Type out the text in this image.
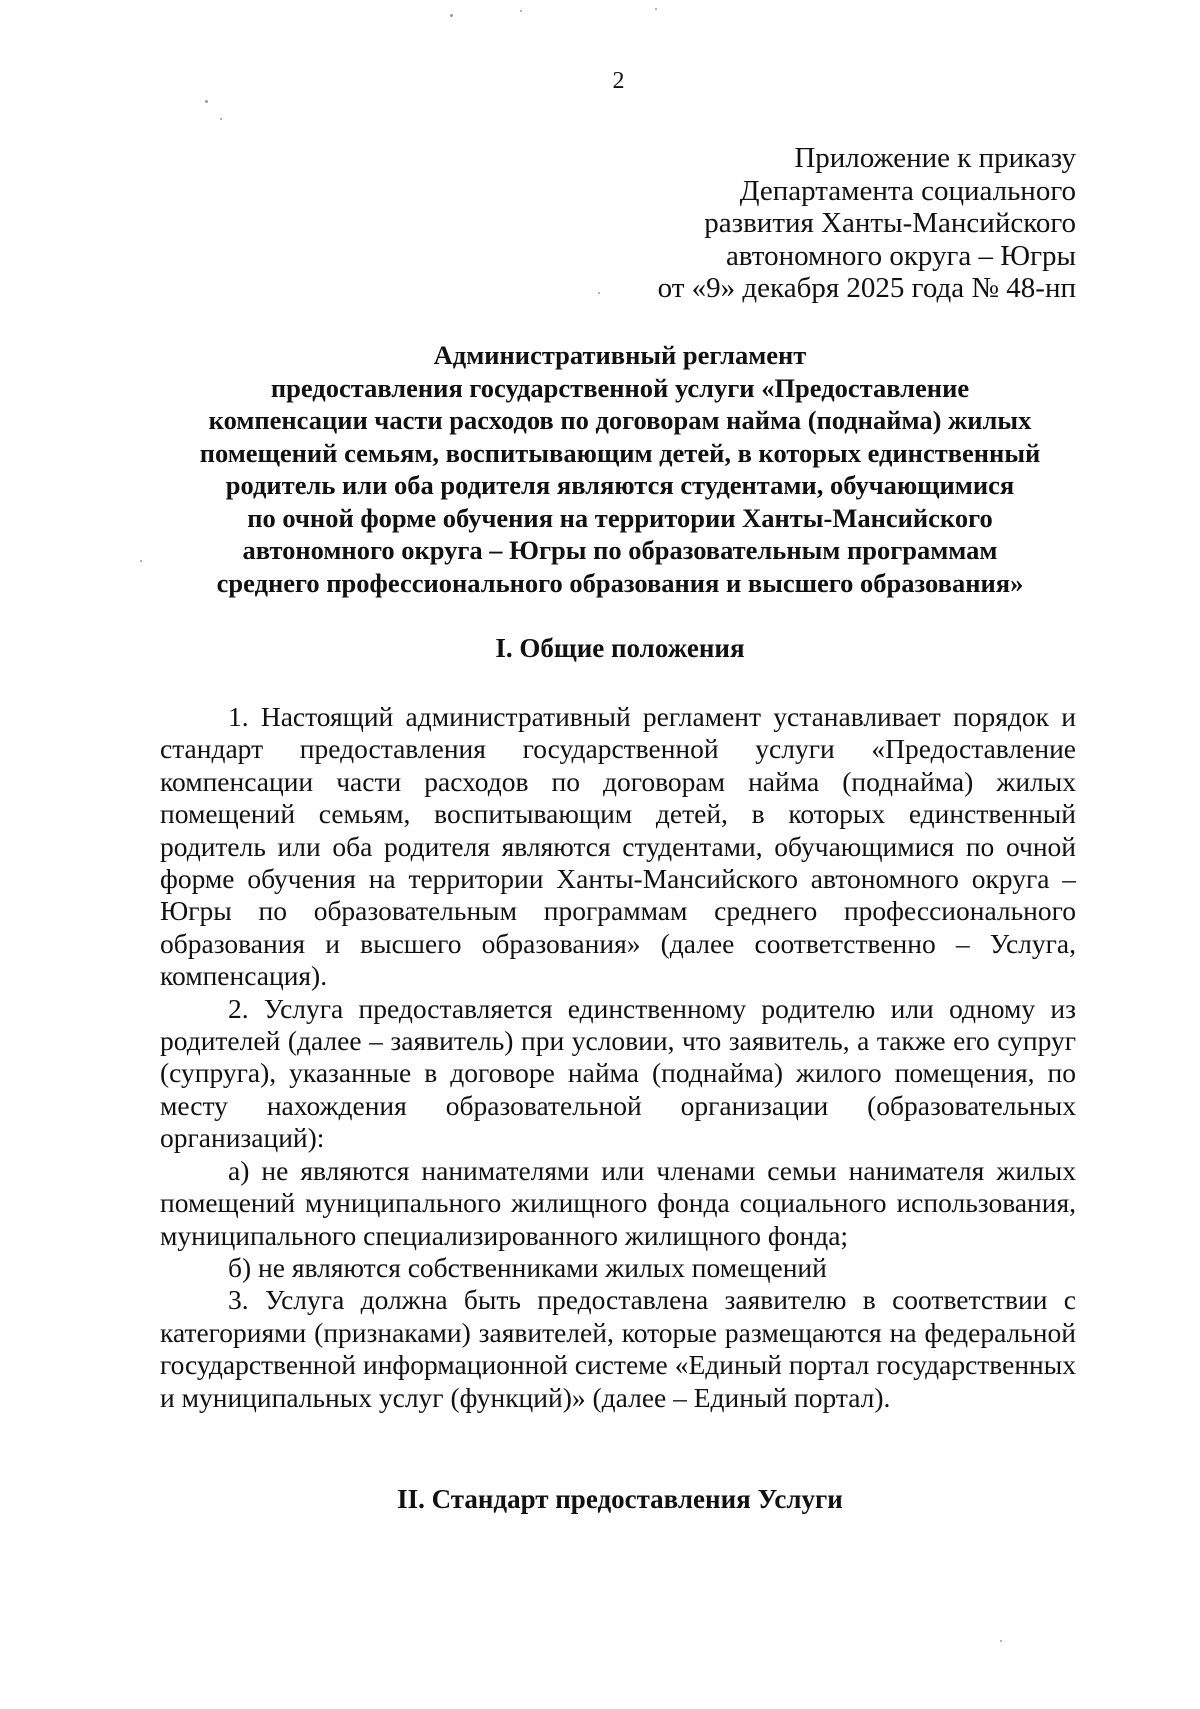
2
Приложение к приказу
Департамента социального
развития Ханты-Мансийского
автономного округа – Югры
от «9» декабря 2025 года № 48-нп
Административный регламент
предоставления государственной услуги «Предоставление
компенсации части расходов по договорам найма (поднайма) жилых
помещений семьям, воспитывающим детей, в которых единственный
родитель или оба родителя являются студентами, обучающимися
по очной форме обучения на территории Ханты-Мансийского
автономного округа – Югры по образовательным программам
среднего профессионального образования и высшего образования»
I. Общие положения

1. Настоящий административный регламент устанавливает порядок и стандарт предоставления государственной услуги «Предоставление компенсации части расходов по договорам найма (поднайма) жилых помещений семьям, воспитывающим детей, в которых единственный родитель или оба родителя являются студентами, обучающимися по очной форме обучения на территории Ханты-Мансийского автономного округа – Югры по образовательным программам среднего профессионального образования и высшего образования» (далее соответственно – Услуга, компенсация).

2. Услуга предоставляется единственному родителю или одному из родителей (далее – заявитель) при условии, что заявитель, а также его супруг (супруга), указанные в договоре найма (поднайма) жилого помещения, по месту нахождения образовательной организации (образовательных организаций):

а) не являются нанимателями или членами семьи нанимателя жилых помещений муниципального жилищного фонда социального использования, муниципального специализированного жилищного фонда;

б) не являются собственниками жилых помещений

3. Услуга должна быть предоставлена заявителю в соответствии с категориями (признаками) заявителей, которые размещаются на федеральной государственной информационной системе «Единый портал государственных и муниципальных услуг (функций)» (далее – Единый портал).

II. Стандарт предоставления Услуги
